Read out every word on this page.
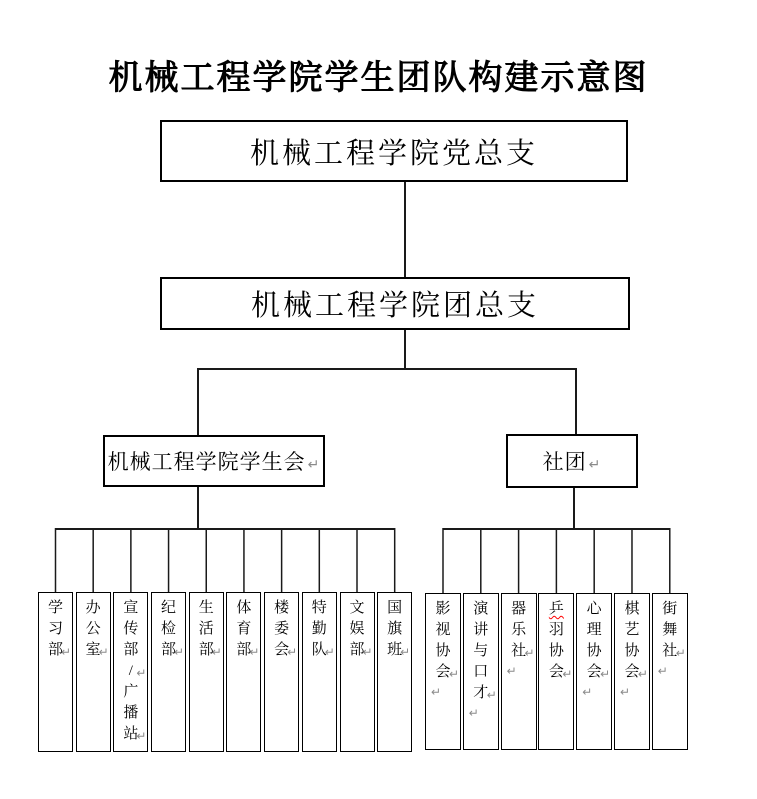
机械工程学院学生团队构建示意图
机械工程学院党总支
机械工程学院团总支
机械工程学院学生会 ↵	社团 ↵
学
习
部
↵
办
公
室
↵
宣
传
部
/ ↵
广
播
站
↵
纪
检
部
↵
生
活
部
↵
体
育
部
↵
楼
委
会
↵
特
勤
队
↵
文
娱
部
↵
国
旗
班
↵
影
视
协
会
↵
↵
演
讲
与
口
才
↵
↵
器
乐
社
↵
↵
乒
羽
协
会
↵
心
理
协
会
↵
↵
棋
艺
协
会
↵
↵
街
舞
社
↵
↵
